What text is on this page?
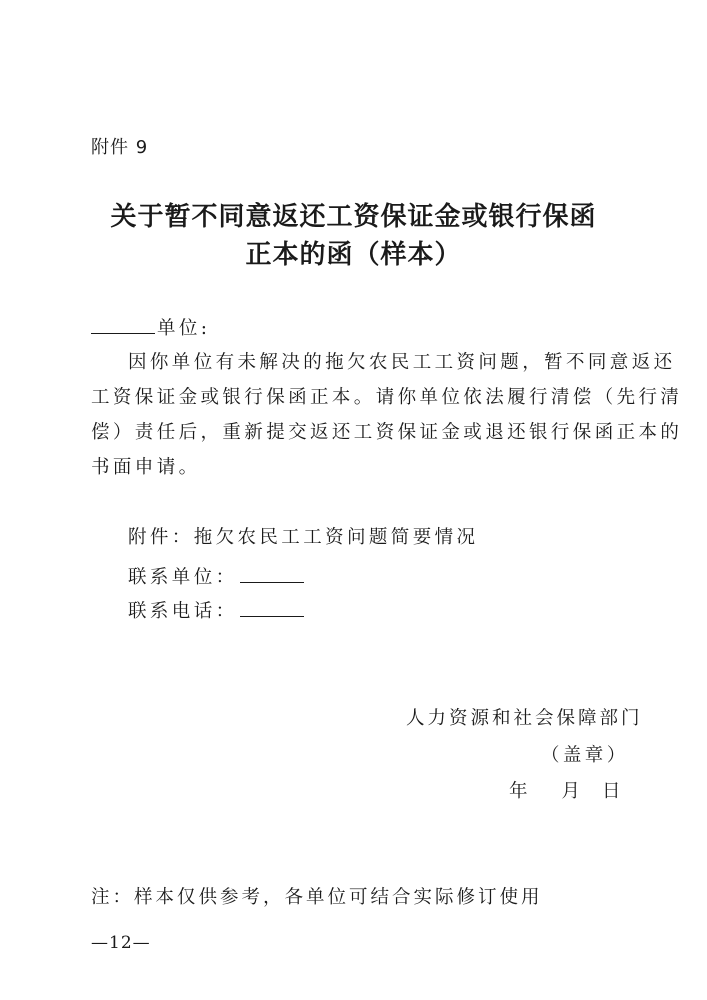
附件 9
关于暂不同意返还工资保证金或银行保函
正本的函（样本）
单位:
因你单位有未解决的拖欠农民工工资问题，暂不同意返还
工资保证金或银行保函正本。请你单位依法履行清偿（先行清
偿）责任后，重新提交返还工资保证金或退还银行保函正本的
书面申请。
附件：拖欠农民工工资问题简要情况
联系单位：
联系电话：
人力资源和社会保障部门
（盖章）
年 月 日
注：样本仅供参考，各单位可结合实际修订使用
—12—
